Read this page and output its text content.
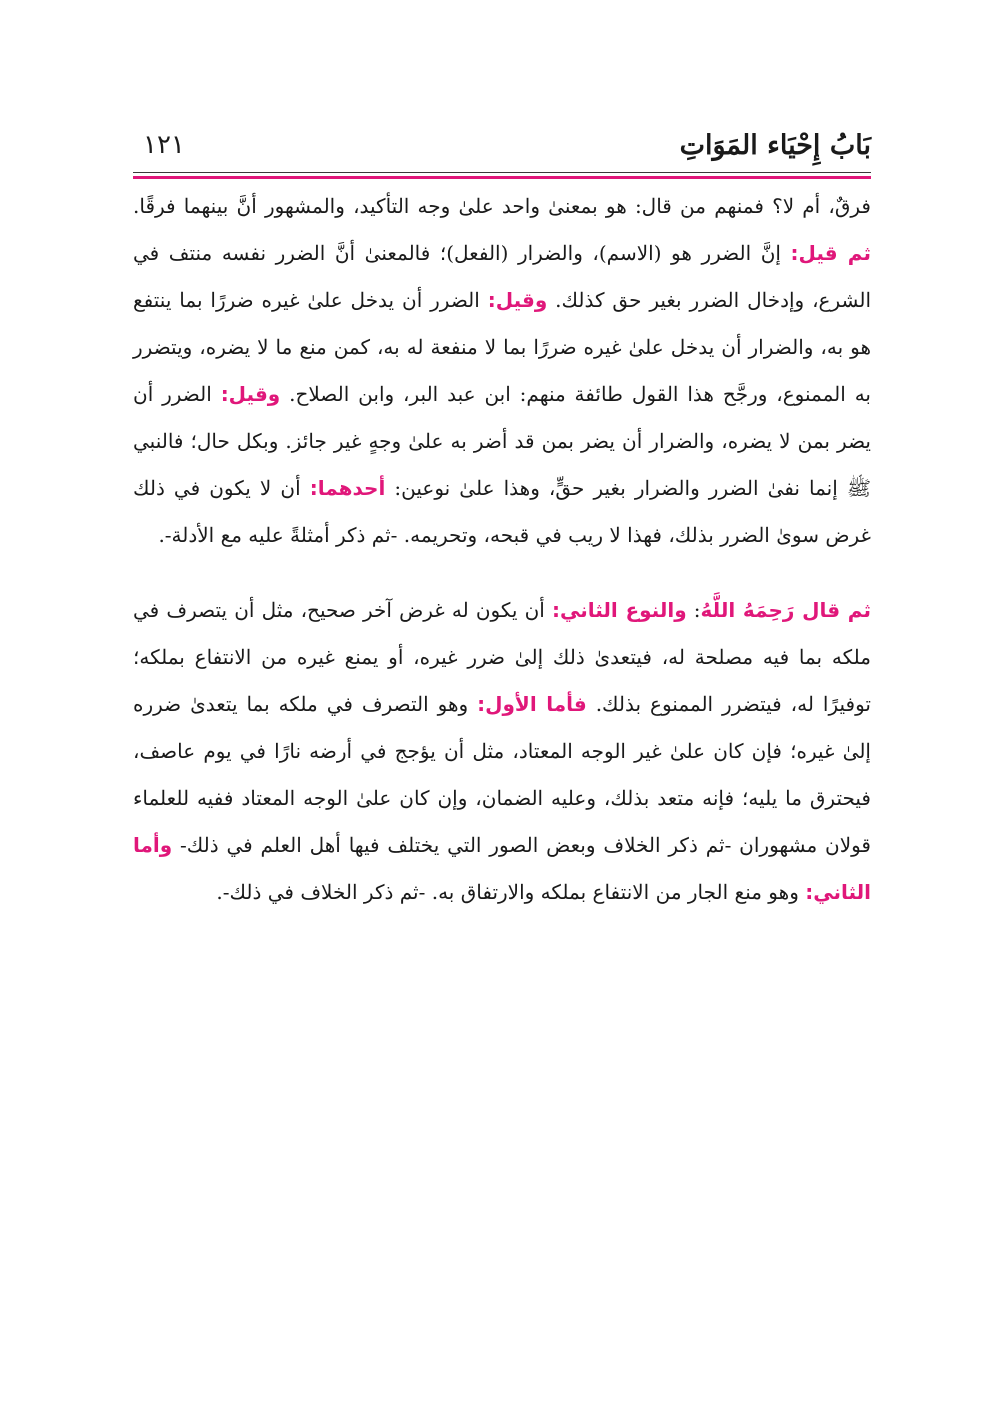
بَابُ إِحْيَاء المَوَاتِ
١٢١

فرقٌ، أم لا؟ فمنهم من قال: هو بمعنىٰ واحد علىٰ وجه التأكيد، والمشهور أنَّ بينهما فرقًا. ثم قيل: إنَّ الضرر هو (الاسم)، والضرار (الفعل)؛ فالمعنىٰ أنَّ الضرر نفسه منتف في الشرع، وإدخال الضرر بغير حق كذلك. وقيل: الضرر أن يدخل علىٰ غيره ضررًا بما ينتفع هو به، والضرار أن يدخل علىٰ غيره ضررًا بما لا منفعة له به، كمن منع ما لا يضره، ويتضرر به الممنوع، ورجَّح هذا القول طائفة منهم: ابن عبد البر، وابن الصلاح. وقيل: الضرر أن يضر بمن لا يضره، والضرار أن يضر بمن قد أضر به علىٰ وجهٍ غير جائز. وبكل حال؛ فالنبي ﷺ إنما نفىٰ الضرر والضرار بغير حقٍّ، وهذا علىٰ نوعين: أحدهما: أن لا يكون في ذلك غرض سوىٰ الضرر بذلك، فهذا لا ريب في قبحه، وتحريمه. -ثم ذكر أمثلةً عليه مع الأدلة-.

ثم قال رَحِمَهُ اللَّهُ: والنوع الثاني: أن يكون له غرض آخر صحيح، مثل أن يتصرف في ملكه بما فيه مصلحة له، فيتعدىٰ ذلك إلىٰ ضرر غيره، أو يمنع غيره من الانتفاع بملكه؛ توفيرًا له، فيتضرر الممنوع بذلك. فأما الأول: وهو التصرف في ملكه بما يتعدىٰ ضرره إلىٰ غيره؛ فإن كان علىٰ غير الوجه المعتاد، مثل أن يؤجج في أرضه نارًا في يوم عاصف، فيحترق ما يليه؛ فإنه متعد بذلك، وعليه الضمان، وإن كان علىٰ الوجه المعتاد ففيه للعلماء قولان مشهوران -ثم ذكر الخلاف وبعض الصور التي يختلف فيها أهل العلم في ذلك- وأما الثاني: وهو منع الجار من الانتفاع بملكه والارتفاق به. -ثم ذكر الخلاف في ذلك-.
